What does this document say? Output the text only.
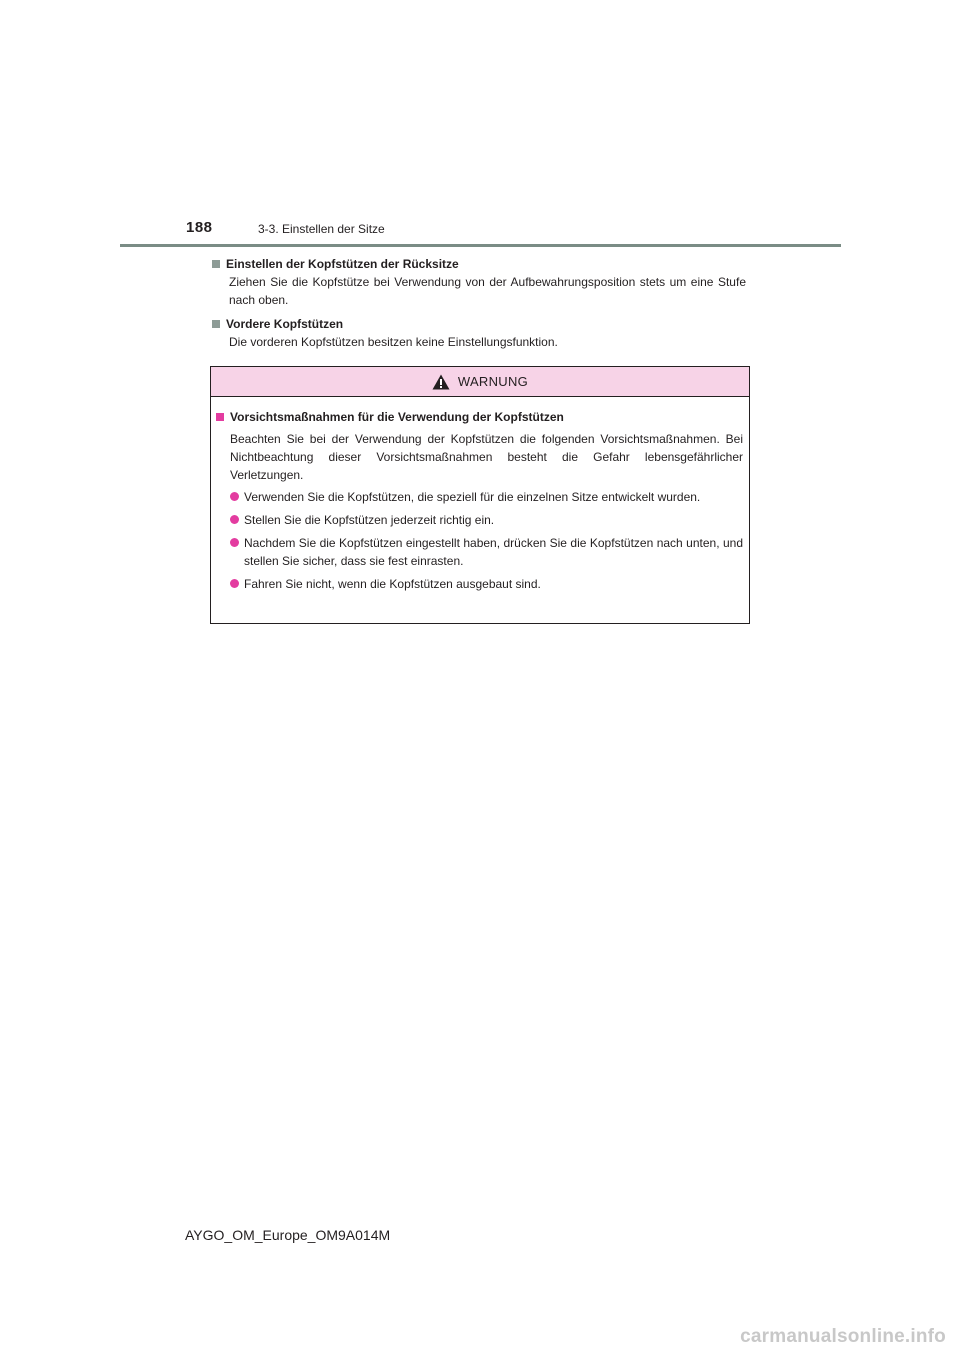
188	3-3. Einstellen der Sitze
Einstellen der Kopfstützen der Rücksitze
Ziehen Sie die Kopfstütze bei Verwendung von der Aufbewahrungsposition stets um eine Stufe nach oben.
Vordere Kopfstützen
Die vorderen Kopfstützen besitzen keine Einstellungsfunktion.
WARNUNG
Vorsichtsmaßnahmen für die Verwendung der Kopfstützen
Beachten Sie bei der Verwendung der Kopfstützen die folgenden Vorsichtsmaßnahmen. Bei Nichtbeachtung dieser Vorsichtsmaßnahmen besteht die Gefahr lebensgefährlicher Verletzungen.
Verwenden Sie die Kopfstützen, die speziell für die einzelnen Sitze entwickelt wurden.
Stellen Sie die Kopfstützen jederzeit richtig ein.
Nachdem Sie die Kopfstützen eingestellt haben, drücken Sie die Kopfstützen nach unten, und stellen Sie sicher, dass sie fest einrasten.
Fahren Sie nicht, wenn die Kopfstützen ausgebaut sind.
AYGO_OM_Europe_OM9A014M
carmanualsonline.info
